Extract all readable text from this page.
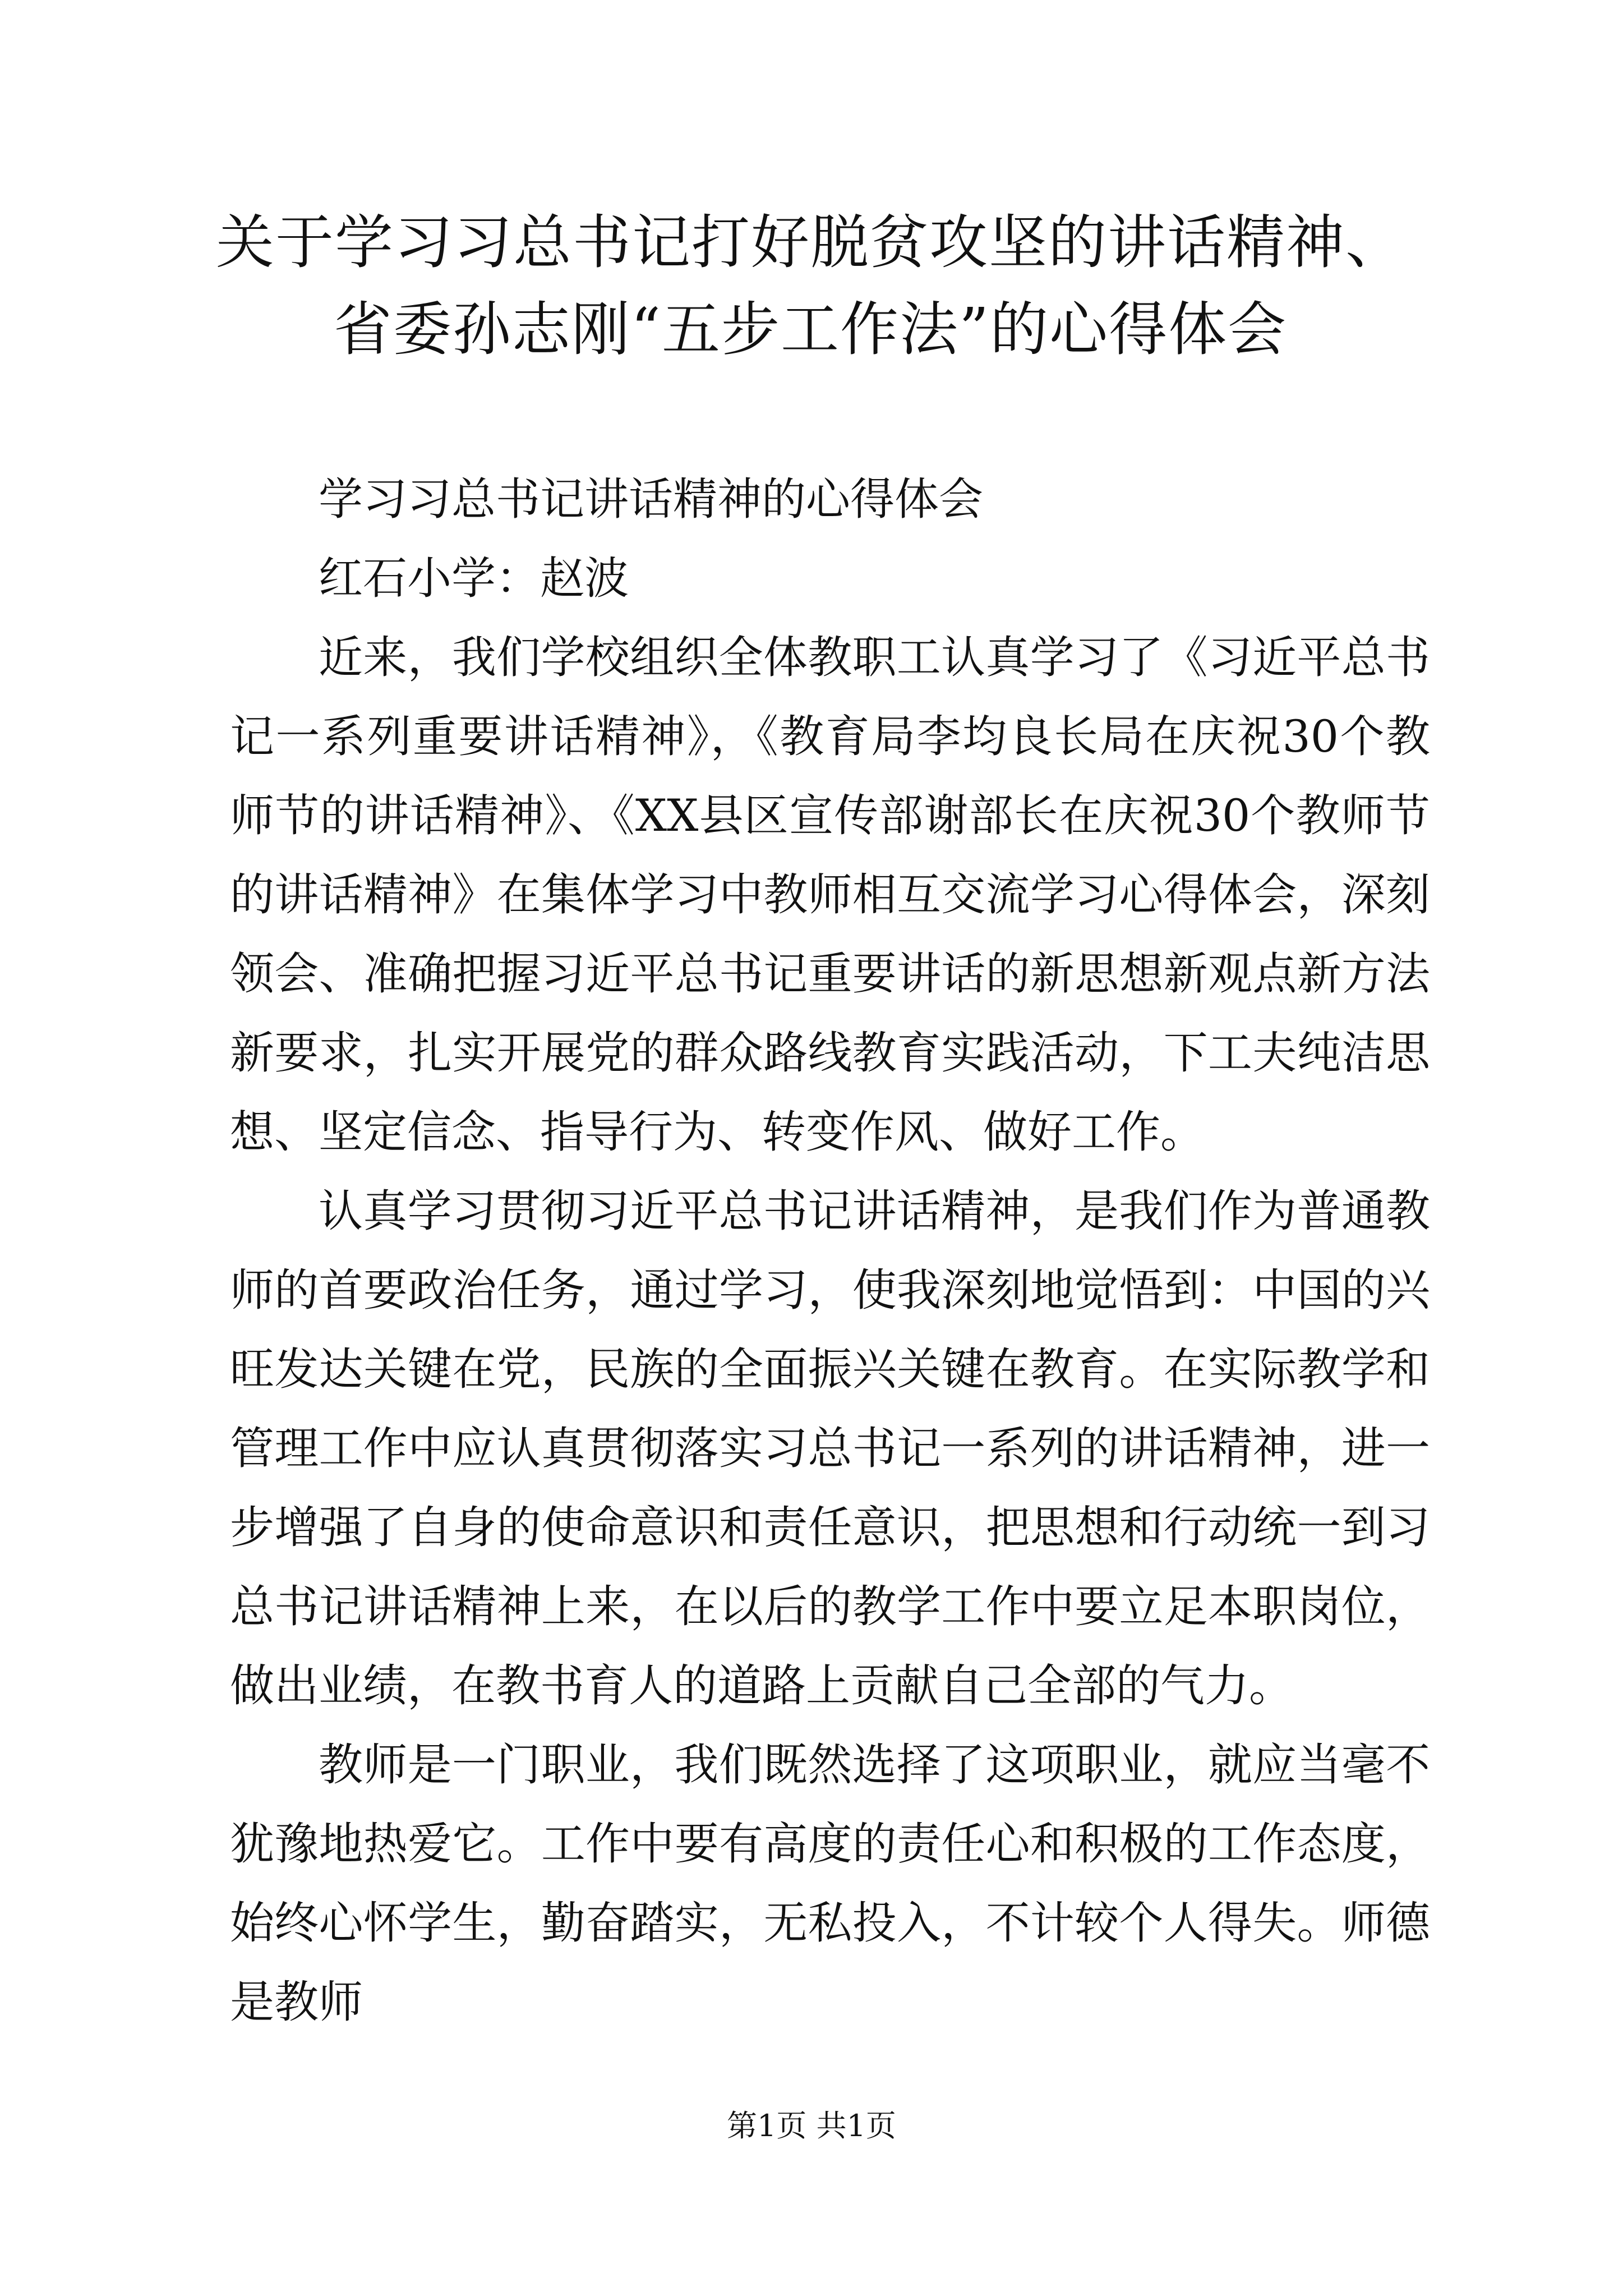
关于学习习总书记打好脱贫攻坚的讲话精神、
省委孙志刚“五步工作法”的心得体会

学习习总书记讲话精神的心得体会

红石小学：赵波

近来，我们学校组织全体教职工认真学习了《习近平总书记一系列重要讲话精神》，《教育局李均良长局在庆祝30个教师节的讲话精神》、《XX县区宣传部谢部长在庆祝30个教师节的讲话精神》在集体学习中教师相互交流学习心得体会，深刻领会、准确把握习近平总书记重要讲话的新思想新观点新方法新要求，扎实开展党的群众路线教育实践活动，下工夫纯洁思想、坚定信念、指导行为、转变作风、做好工作。

认真学习贯彻习近平总书记讲话精神，是我们作为普通教师的首要政治任务，通过学习，使我深刻地觉悟到：中国的兴旺发达关键在党，民族的全面振兴关键在教育。在实际教学和管理工作中应认真贯彻落实习总书记一系列的讲话精神，进一步增强了自身的使命意识和责任意识，把思想和行动统一到习总书记讲话精神上来，在以后的教学工作中要立足本职岗位，做出业绩，在教书育人的道路上贡献自己全部的气力。

教师是一门职业，我们既然选择了这项职业，就应当毫不犹豫地热爱它。工作中要有高度的责任心和积极的工作态度，始终心怀学生，勤奋踏实，无私投入，不计较个人得失。师德是教师

第1页 共1页
